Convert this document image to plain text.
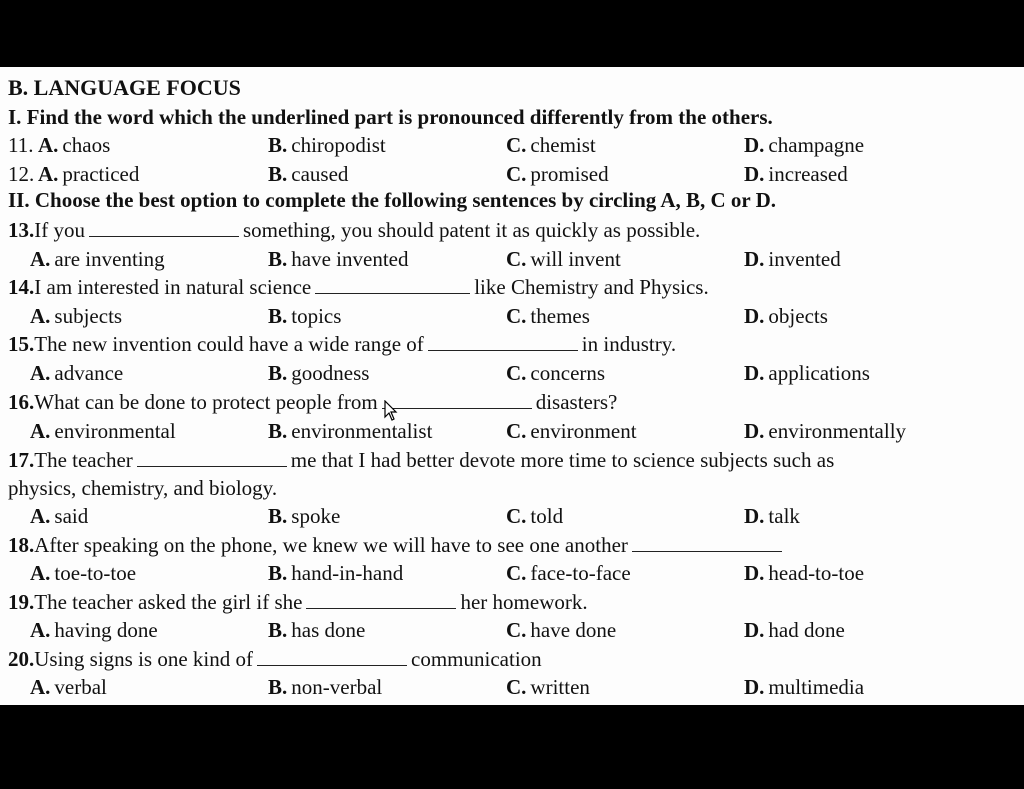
B. LANGUAGE FOCUS
I. Find the word which the underlined part is pronounced differently from the others.
11. A. chaos	B. chiropodist	C. chemist	D. champagne
12. A. practiced	B. caused	C. promised	D. increased
II. Choose the best option to complete the following sentences by circling A, B, C or D.
13.If you	something, you should patent it as quickly as possible.
A. are inventing	B. have invented	C. will invent	D. invented
14.I am interested in natural science	like Chemistry and Physics.
A. subjects	B. topics	C. themes	D. objects
15.The new invention could have a wide range of	in industry.
A. advance	B. goodness	C. concerns	D. applications
16.What can be done to protect people from	disasters?
A. environmental	B. environmentalist	C. environment	D. environmentally
17.The teacher	me that I had better devote more time to science subjects such as
physics, chemistry, and biology.
A. said	B. spoke	C. told	D. talk
18.After speaking on the phone, we knew we will have to see one another
A. toe-to-toe	B. hand-in-hand	C. face-to-face	D. head-to-toe
19.The teacher asked the girl if she	her homework.
A. having done	B. has done	C. have done	D. had done
20.Using signs is one kind of	communication
A. verbal	B. non-verbal	C. written	D. multimedia
